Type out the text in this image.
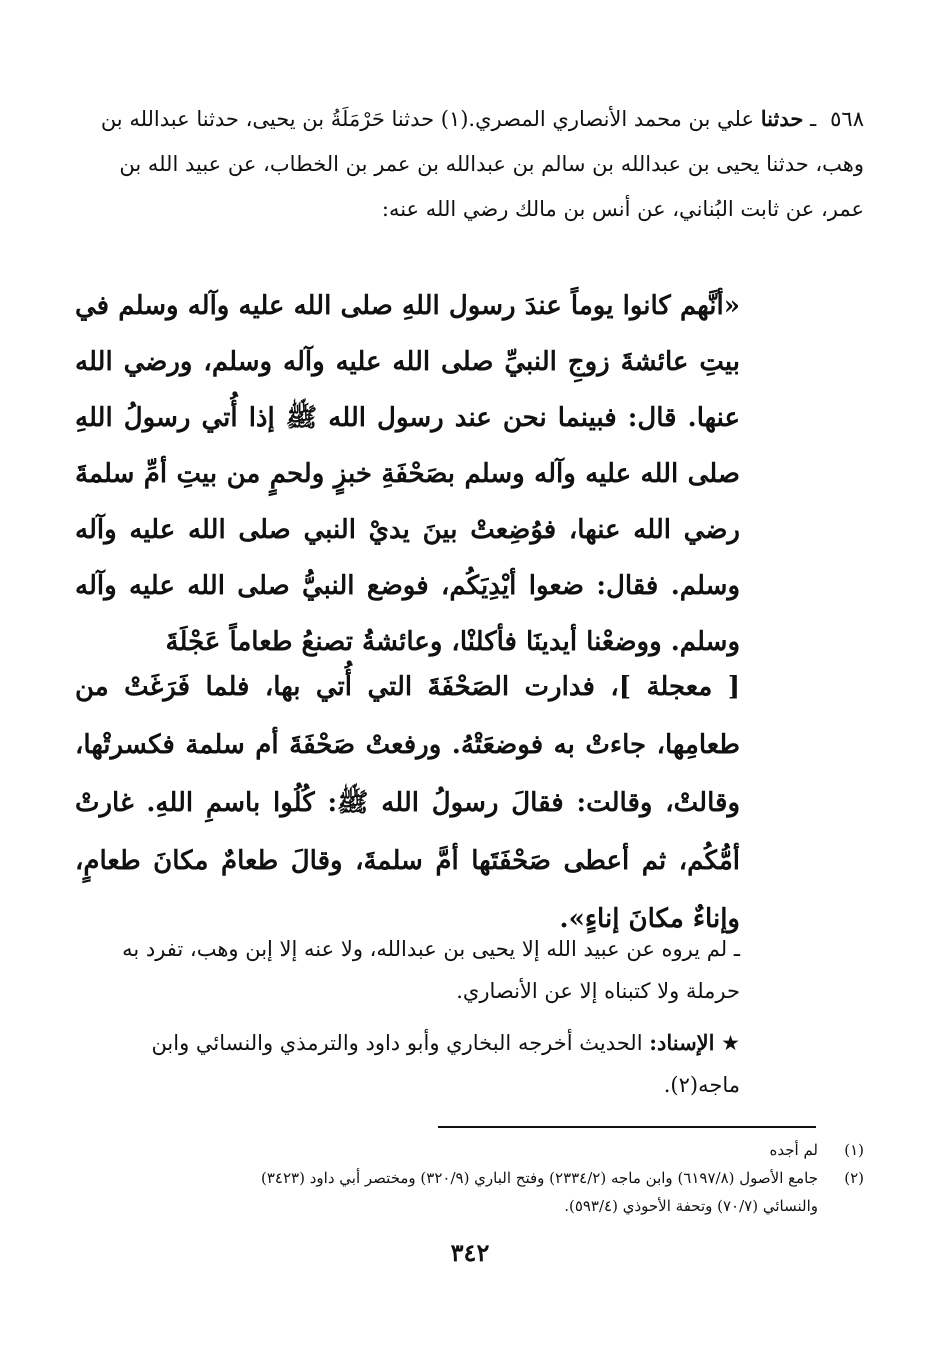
٥٦٨ـ حدثنا علي بن محمد الأنصاري المصري.(١) حدثنا حَرْمَلَةُ بن يحيى، حدثنا عبدالله بن وهب، حدثنا يحيى بن عبدالله بن سالم بن عبدالله بن عمر بن الخطاب، عن عبيد الله بن عمر، عن ثابت البُناني، عن أنس بن مالك رضي الله عنه:

«أنَّهم كانوا يوماً عندَ رسول اللهِ صلى الله عليه وآله وسلم في بيتِ عائشةَ زوجِ النبيِّ صلى الله عليه وآله وسلم، ورضي الله عنها. قال: فبينما نحن عند رسول الله ﷺ إذا أُتي رسولُ اللهِ صلى الله عليه وآله وسلم بصَحْفَةِ خبزٍ ولحمٍ من بيتِ أمِّ سلمةَ رضي الله عنها، فوُضِعتْ بينَ يديْ النبي صلى الله عليه وآله وسلم. فقال: ضعوا أيْدِيَكُم، فوضع النبيُّ صلى الله عليه وآله وسلم. ووضعْنا أيدينَا فأكلنْا، وعائشةُ تصنعُ طعاماً عَجْلَةَ

[ معجلة ]، فدارت الصَحْفَةَ التي أُتي بها، فلما فَرَغَتْ من طعامِها، جاءتْ به فوضعَتْهُ. ورفعتْ صَحْفَةَ أم سلمة فكسرتْها، وقالتْ، وقالت: فقالَ رسولُ الله ﷺ: كُلُوا باسمِ اللهِ. غارتْ أمُّكُم، ثم أعطى صَحْفَتَها أمَّ سلمةَ، وقالَ طعامٌ مكانَ طعامٍ، وإناءٌ مكانَ إناءٍ».

ـ لم يروه عن عبيد الله إلا يحيى بن عبدالله، ولا عنه إلا إبن وهب، تفرد به حرملة ولا كتبناه إلا عن الأنصاري.
★ الإسناد: الحديث أخرجه البخاري وأبو داود والترمذي والنسائي وابن ماجه(٢).
(١)
لم أجده
(٢)
جامع الأصول (٦١٩٧/٨) وابن ماجه (٢٣٣٤/٢) وفتح الباري (٣٢٠/٩) ومختصر أبي داود (٣٤٢٣)
والنسائي (٧٠/٧) وتحفة الأحوذي (٥٩٣/٤).
٣٤٢
